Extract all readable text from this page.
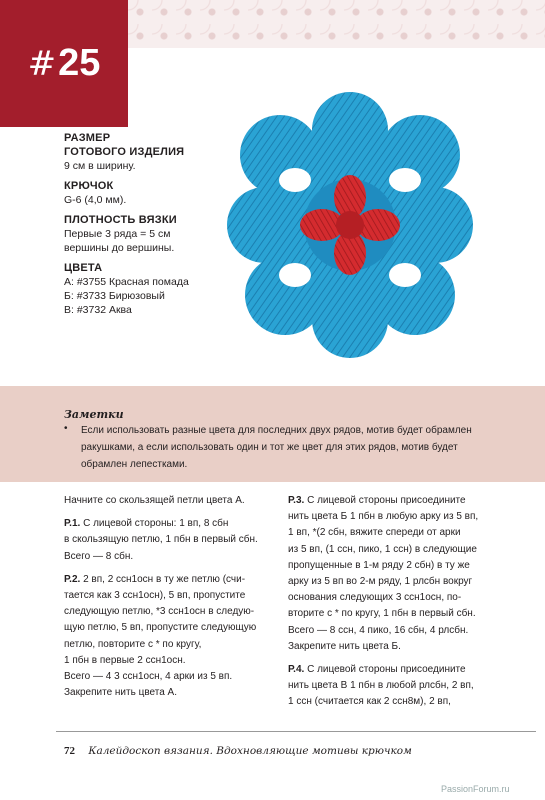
# 25
РАЗМЕР
ГОТОВОГО ИЗДЕЛИЯ
9 см в ширину.
КРЮЧОК
G-6 (4,0 мм).
ПЛОТНОСТЬ ВЯЗКИ
Первые 3 ряда = 5 см
вершины до вершины.
ЦВЕТА
А: #3755 Красная помада
Б: #3733 Бирюзовый
В: #3732 Аква
Заметки
• Если использовать разные цвета для последних двух рядов, мотив будет обрамлен
ракушками, а если использовать один и тот же цвет для этих рядов, мотив будет
обрамлен лепестками.

Начните со скользящей петли цвета А.

Р.1. С лицевой стороны: 1 вп, 8 сбн
в скользящую петлю, 1 пбн в первый сбн.
Всего — 8 сбн.

Р.2. 2 вп, 2 ссн1осн в ту же петлю (счи-
тается как 3 ссн1осн), 5 вп, пропустите
следующую петлю, *3 ссн1осн в следую-
щую петлю, 5 вп, пропустите следующую
петлю, повторите с * по кругу,
1 пбн в первые 2 ссн1осн.
Всего — 4 3 ссн1осн, 4 арки из 5 вп.
Закрепите нить цвета А.

Р.3. С лицевой стороны присоедините
нить цвета Б 1 пбн в любую арку из 5 вп,
1 вп, *(2 сбн, вяжите спереди от арки
из 5 вп, (1 ссн, пико, 1 ссн) в следующие
пропущенные в 1-м ряду 2 сбн) в ту же
арку из 5 вп во 2-м ряду, 1 рлсбн вокруг
основания следующих 3 ссн1осн, по-
вторите с * по кругу, 1 пбн в первый сбн.
Всего — 8 ссн, 4 пико, 16 сбн, 4 рлсбн.
Закрепите нить цвета Б.

Р.4. С лицевой стороны присоедините
нить цвета В 1 пбн в любой рлсбн, 2 вп,
1 ссн (считается как 2 ссн8м), 2 вп,

72 Калейдоскоп вязания. Вдохновляющие мотивы крючком
PassionForum.ru
